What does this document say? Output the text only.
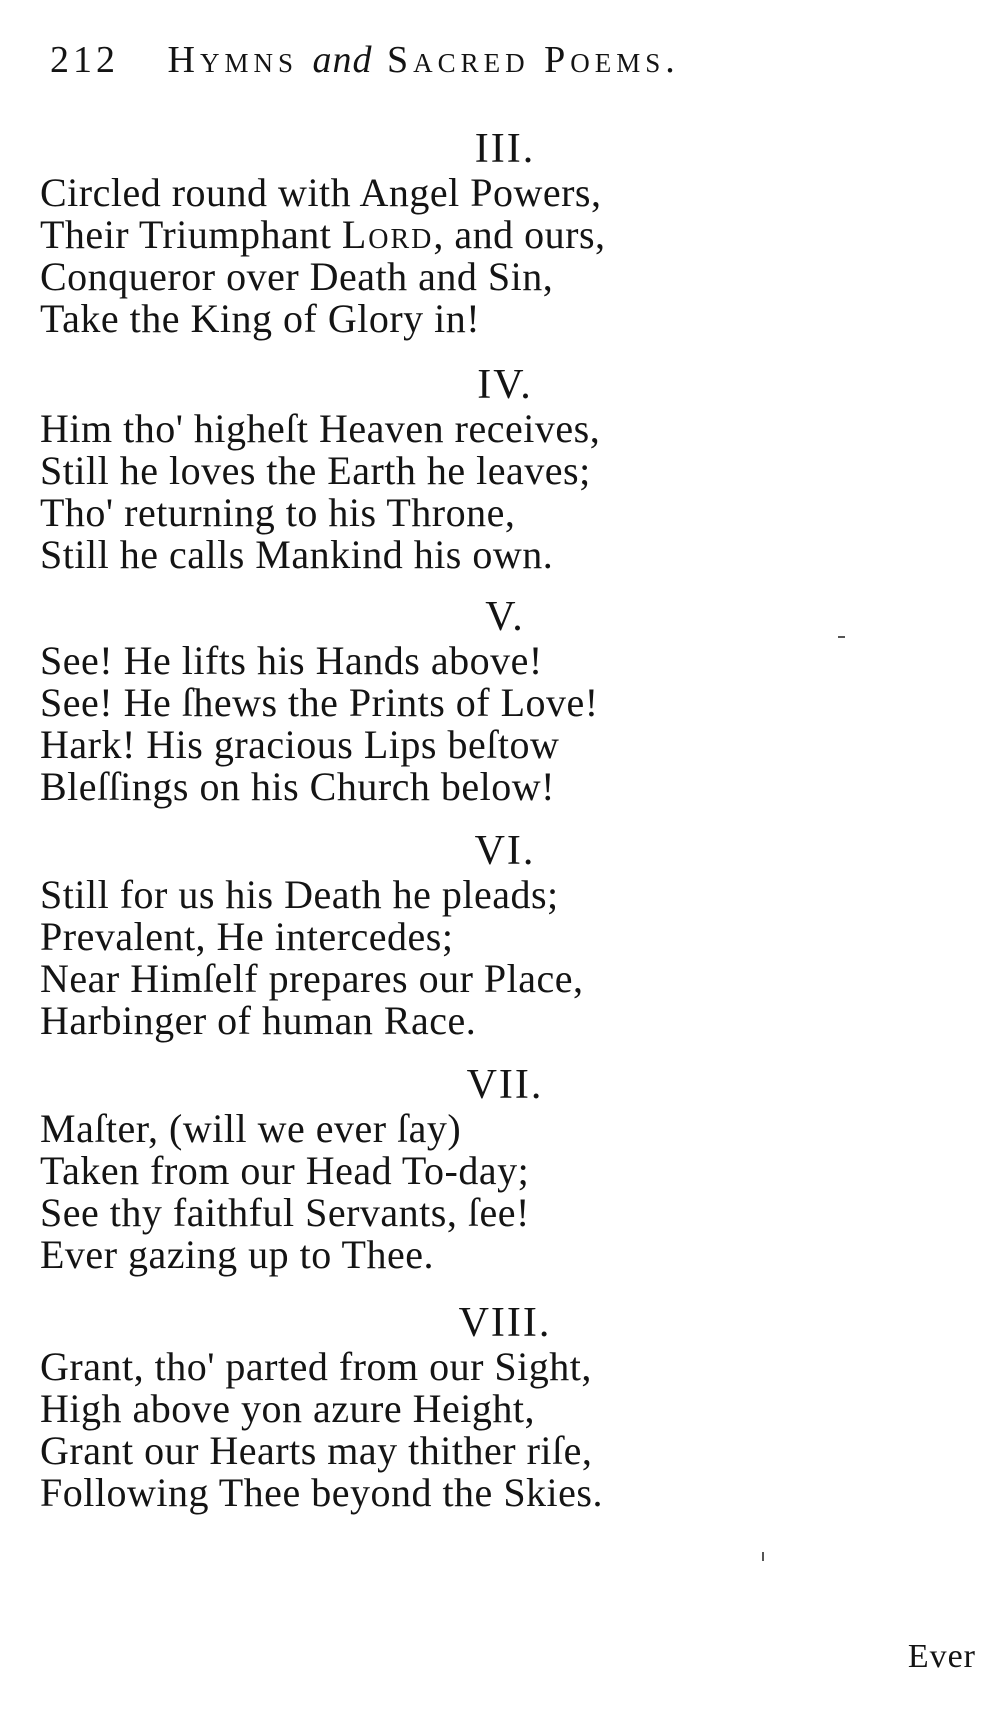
212 Hymns and Sacred Poems.
III.
Circled round with Angel Powers,
Their Triumphant Lord, and ours,
Conqueror over Death and Sin,
Take the King of Glory in!
IV.
Him tho' higheſt Heaven receives,
Still he loves the Earth he leaves;
Tho' returning to his Throne,
Still he calls Mankind his own.
V.
See! He lifts his Hands above!
See! He ſhews the Prints of Love!
Hark! His gracious Lips beſtow
Bleſſings on his Church below!
VI.
Still for us his Death he pleads;
Prevalent, He intercedes;
Near Himſelf prepares our Place,
Harbinger of human Race.
VII.
Maſter, (will we ever ſay)
Taken from our Head To-day;
See thy faithful Servants, ſee!
Ever gazing up to Thee.
VIII.
Grant, tho' parted from our Sight,
High above yon azure Height,
Grant our Hearts may thither riſe,
Following Thee beyond the Skies.
Ever
